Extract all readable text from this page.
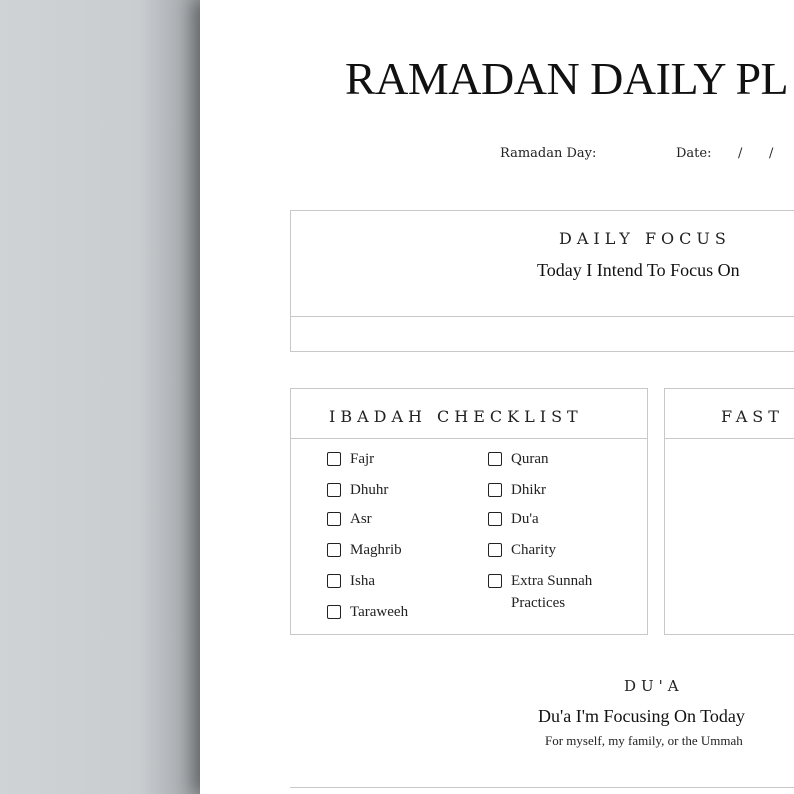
RAMADAN DAILY PL
Ramadan Day:	Date: / /
DAILY FOCUS
Today I Intend To Focus On
IBADAH CHECKLIST
Fajr
Dhuhr
Asr
Maghrib
Isha
Taraweeh
Quran
Dhikr
Du'a
Charity
Extra Sunnah Practices
FAST
DU'A
Du'a I'm Focusing On Today
For myself, my family, or the Ummah
